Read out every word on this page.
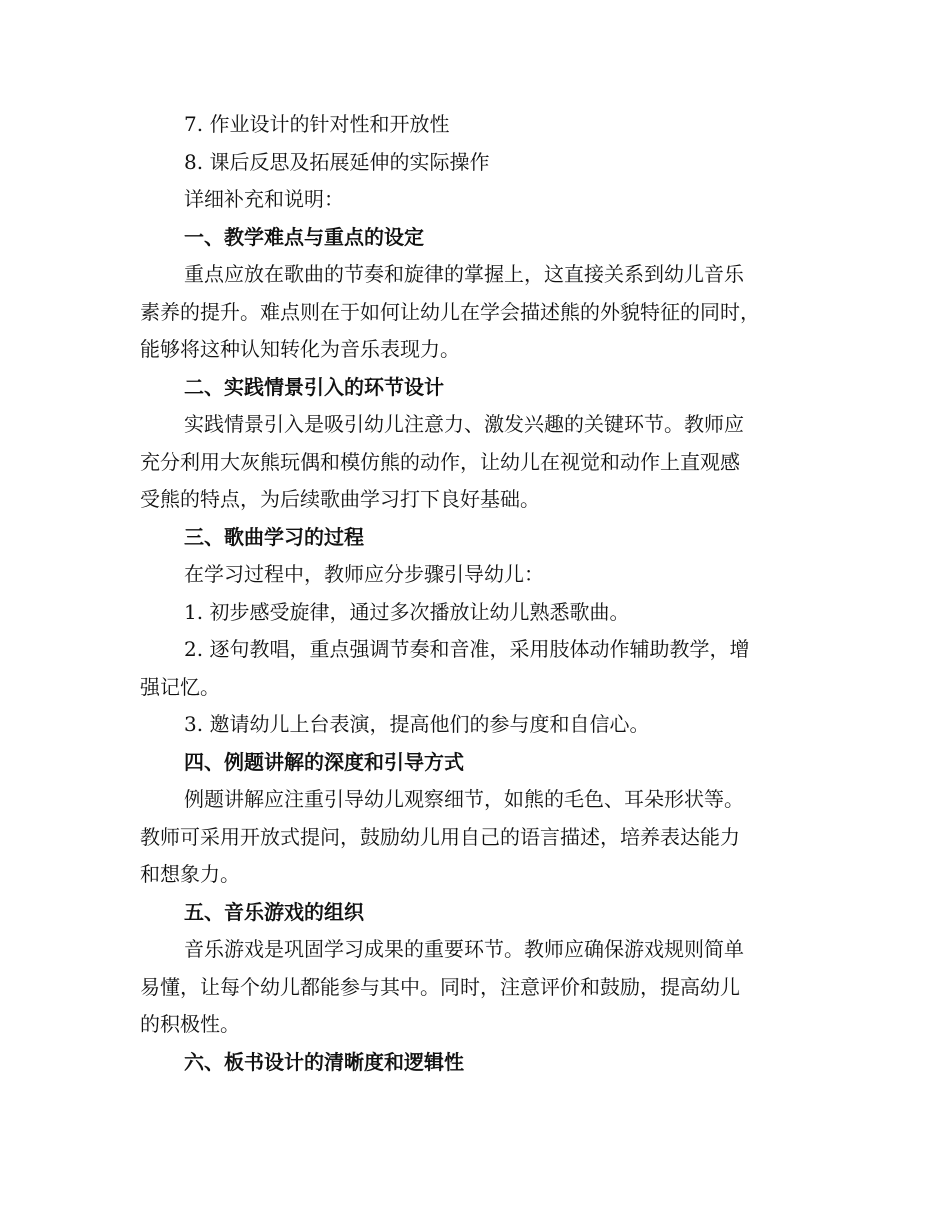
7. 作业设计的针对性和开放性
8. 课后反思及拓展延伸的实际操作
详细补充和说明：
一、教学难点与重点的设定
重点应放在歌曲的节奏和旋律的掌握上，这直接关系到幼儿音乐
素养的提升。难点则在于如何让幼儿在学会描述熊的外貌特征的同时，
能够将这种认知转化为音乐表现力。
二、实践情景引入的环节设计
实践情景引入是吸引幼儿注意力、激发兴趣的关键环节。教师应
充分利用大灰熊玩偶和模仿熊的动作，让幼儿在视觉和动作上直观感
受熊的特点，为后续歌曲学习打下良好基础。
三、歌曲学习的过程
在学习过程中，教师应分步骤引导幼儿：
1. 初步感受旋律，通过多次播放让幼儿熟悉歌曲。
2. 逐句教唱，重点强调节奏和音准，采用肢体动作辅助教学，增
强记忆。
3. 邀请幼儿上台表演，提高他们的参与度和自信心。
四、例题讲解的深度和引导方式
例题讲解应注重引导幼儿观察细节，如熊的毛色、耳朵形状等。
教师可采用开放式提问，鼓励幼儿用自己的语言描述，培养表达能力
和想象力。
五、音乐游戏的组织
音乐游戏是巩固学习成果的重要环节。教师应确保游戏规则简单
易懂，让每个幼儿都能参与其中。同时，注意评价和鼓励，提高幼儿
的积极性。
六、板书设计的清晰度和逻辑性
